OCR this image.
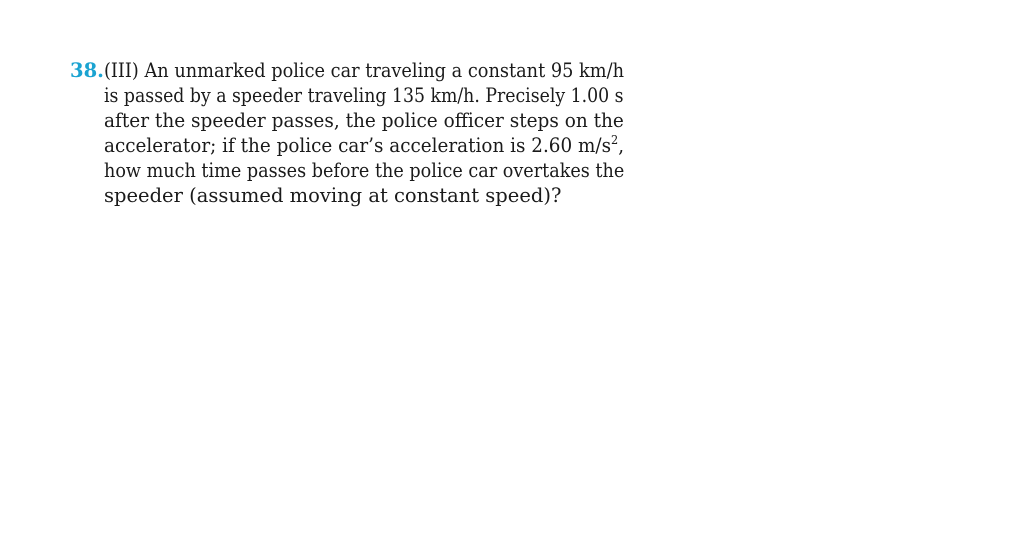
38. (III) An unmarked police car traveling a constant 95 km/h
is passed by a speeder traveling 135 km/h. Precisely 1.00 s
after the speeder passes, the police officer steps on the
accelerator; if the police car’s acceleration is 2.60 $m/s^2$,
how much time passes before the police car overtakes the
speeder (assumed moving at constant speed)?
